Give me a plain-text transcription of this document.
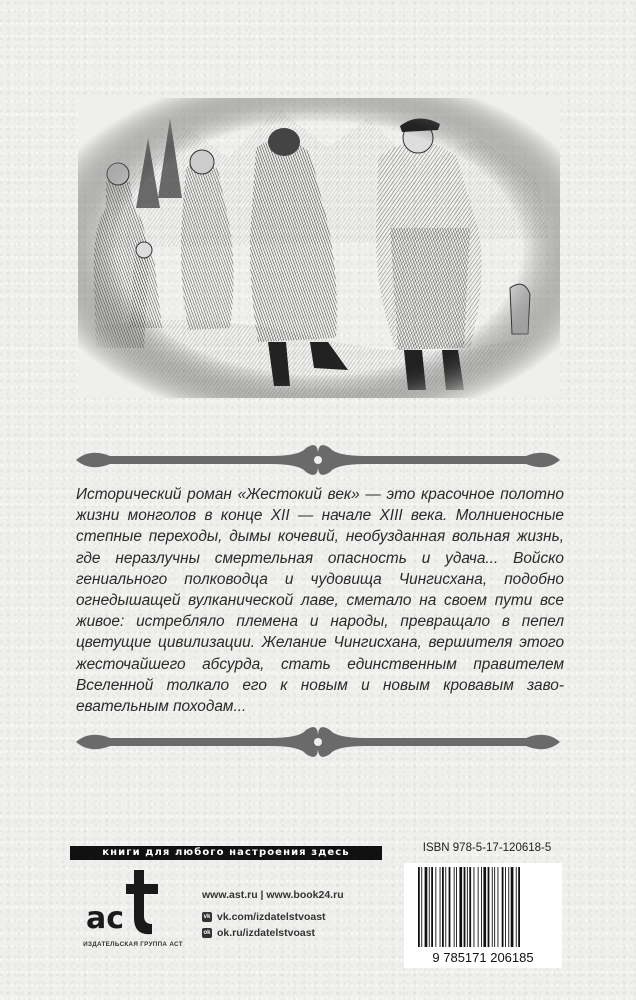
Исторический роман «Жестокий век» — это красочное полотно жизни монголов в конце XII — начале XIII века. Молниеносные степные переходы, дымы кочевий, необузданная вольная жизнь, где неразлучны смертельная опасность и удача... Войско гениального полководца и чудовища Чингисхана, подобно огнедышащей вулканической лаве, сметало на своем пути все живое: истребляло племена и народы, превращало в пепел цветущие цивилизации. Желание Чингисхана, вершителя этого жесточайшего абсурда, стать единственным правителем Вселенной толкало его к новым и новым кровавым завоевательным походам...

книги для любого настроения здесь
ac
ИЗДАТЕЛЬСКАЯ ГРУППА АСТ
www.ast.ru | www.book24.ru
vk vk.com/izdatelstvoast
ok ok.ru/izdatelstvoast
ISBN 978-5-17-120618-5
9 785171 206185
